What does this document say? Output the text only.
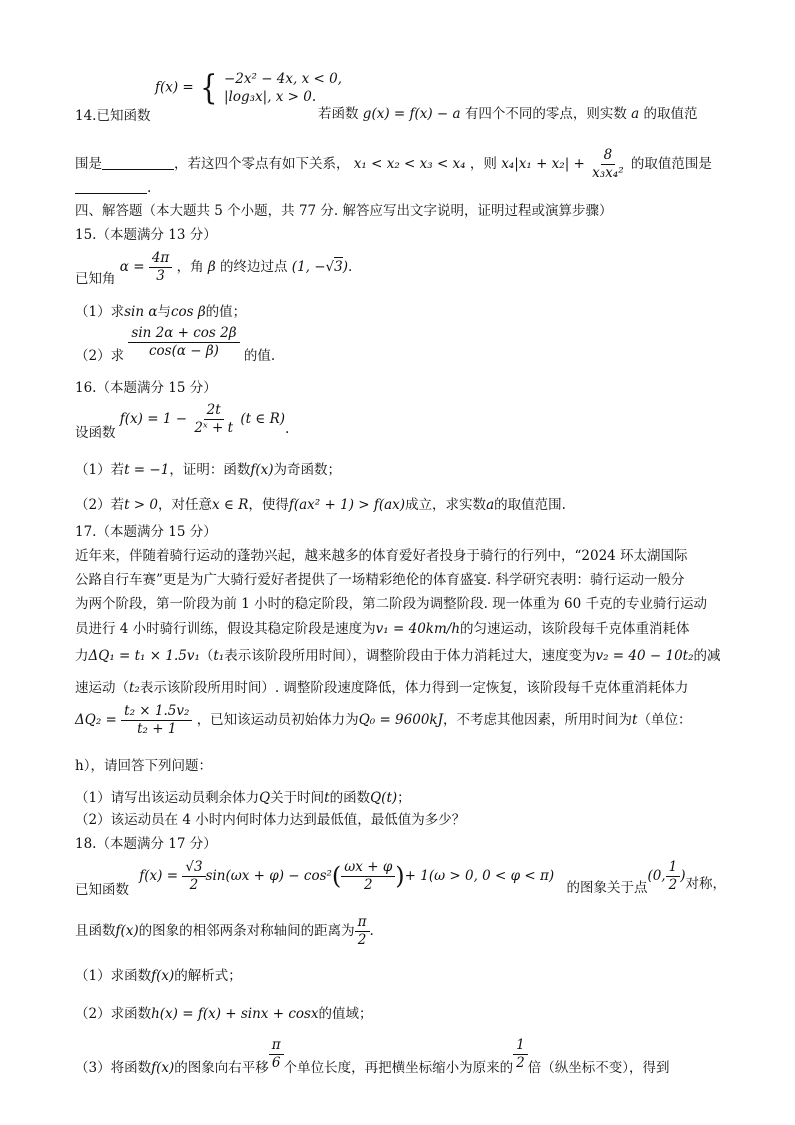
f(x) = { −2x² − 4x, x < 0,
|log₃x|, x > 0.
14.已知函数	若函数 g(x) = f(x) − a 有四个不同的零点，则实数 a 的取值范
围是	，若这四个零点有如下关系， x₁ < x₂ < x₃ < x₄ ，则 $x_4|x_1 + x_2| + \frac{8}{\text{x₃x₄²}}$ 的取值范围是
.
四、解答题（本大题共 5 个小题，共 77 分. 解答应写出文字说明，证明过程或演算步骤）
15.（本题满分 13 分）
已知角 $\alpha = \frac{4\pi}{3}$ ，角 β 的终边过点 (1, −√3).
（1）求sin α与cos β的值；
（2）求 $\frac{\sin 2\alpha + \cos 2\beta}{\cos(\alpha - \beta)}$ 的值.
16.（本题满分 15 分）
设函数 $f(x) = 1 - \frac{2t}{\text{2ˣ + t}} (t$ ∈ R).
（1）若t = −1，证明：函数f(x)为奇函数；
（2）若t > 0，对任意x ∈ R，使得f(ax² + 1) > f(ax)成立，求实数a的取值范围.
17.（本题满分 15 分）
近年来，伴随着骑行运动的蓬勃兴起，越来越多的体育爱好者投身于骑行的行列中，“2024 环太湖国际
公路自行车赛”更是为广大骑行爱好者提供了一场精彩绝伦的体育盛宴. 科学研究表明：骑行运动一般分
为两个阶段，第一阶段为前 1 小时的稳定阶段，第二阶段为调整阶段. 现一体重为 60 千克的专业骑行运动
员进行 4 小时骑行训练，假设其稳定阶段是速度为v₁ = 40km/h的匀速运动，该阶段每千克体重消耗体
力ΔQ₁ = t₁ × 1.5v₁（t₁表示该阶段所用时间），调整阶段由于体力消耗过大，速度变为v₂ = 40 − 10t₂的减
速运动（t₂表示该阶段所用时间）. 调整阶段速度降低，体力得到一定恢复，该阶段每千克体重消耗体力
$\Delta Q_2 = \frac{\text{t₂ × 1.5v₂}}{\text{t₂ + 1}}$ ，已知该运动员初始体力为Q₀ = 9600kJ，不考虑其他因素，所用时间为t（单位：
h），请回答下列问题：
（1）请写出该运动员剩余体力Q关于时间t的函数Q(t)；
（2）该运动员在 4 小时内何时体力达到最低值，最低值为多少？
18.（本题满分 17 分）
已知函数 $f(x) = \frac{√3}{2} \sin(\omega x + \varphi) - \cos^2( \frac{\omega x + \varphi}{2}$ )+ 1(ω > 0, 0 < φ < π) 的图象关于点(0, $\frac{1}{2}$ )对称，
且函数f(x)的图象的相邻两条对称轴间的距离为 $\frac{\pi}{2}$ .
（1）求函数f(x)的解析式；
（2）求函数h(x) = f(x) + sinx + cosx的值域；
（3）将函数f(x)的图象向右平移 $\frac{\pi}{6}$ 个单位长度，再把横坐标缩小为原来的 $\frac{1}{2}$ 倍（纵坐标不变），得到
